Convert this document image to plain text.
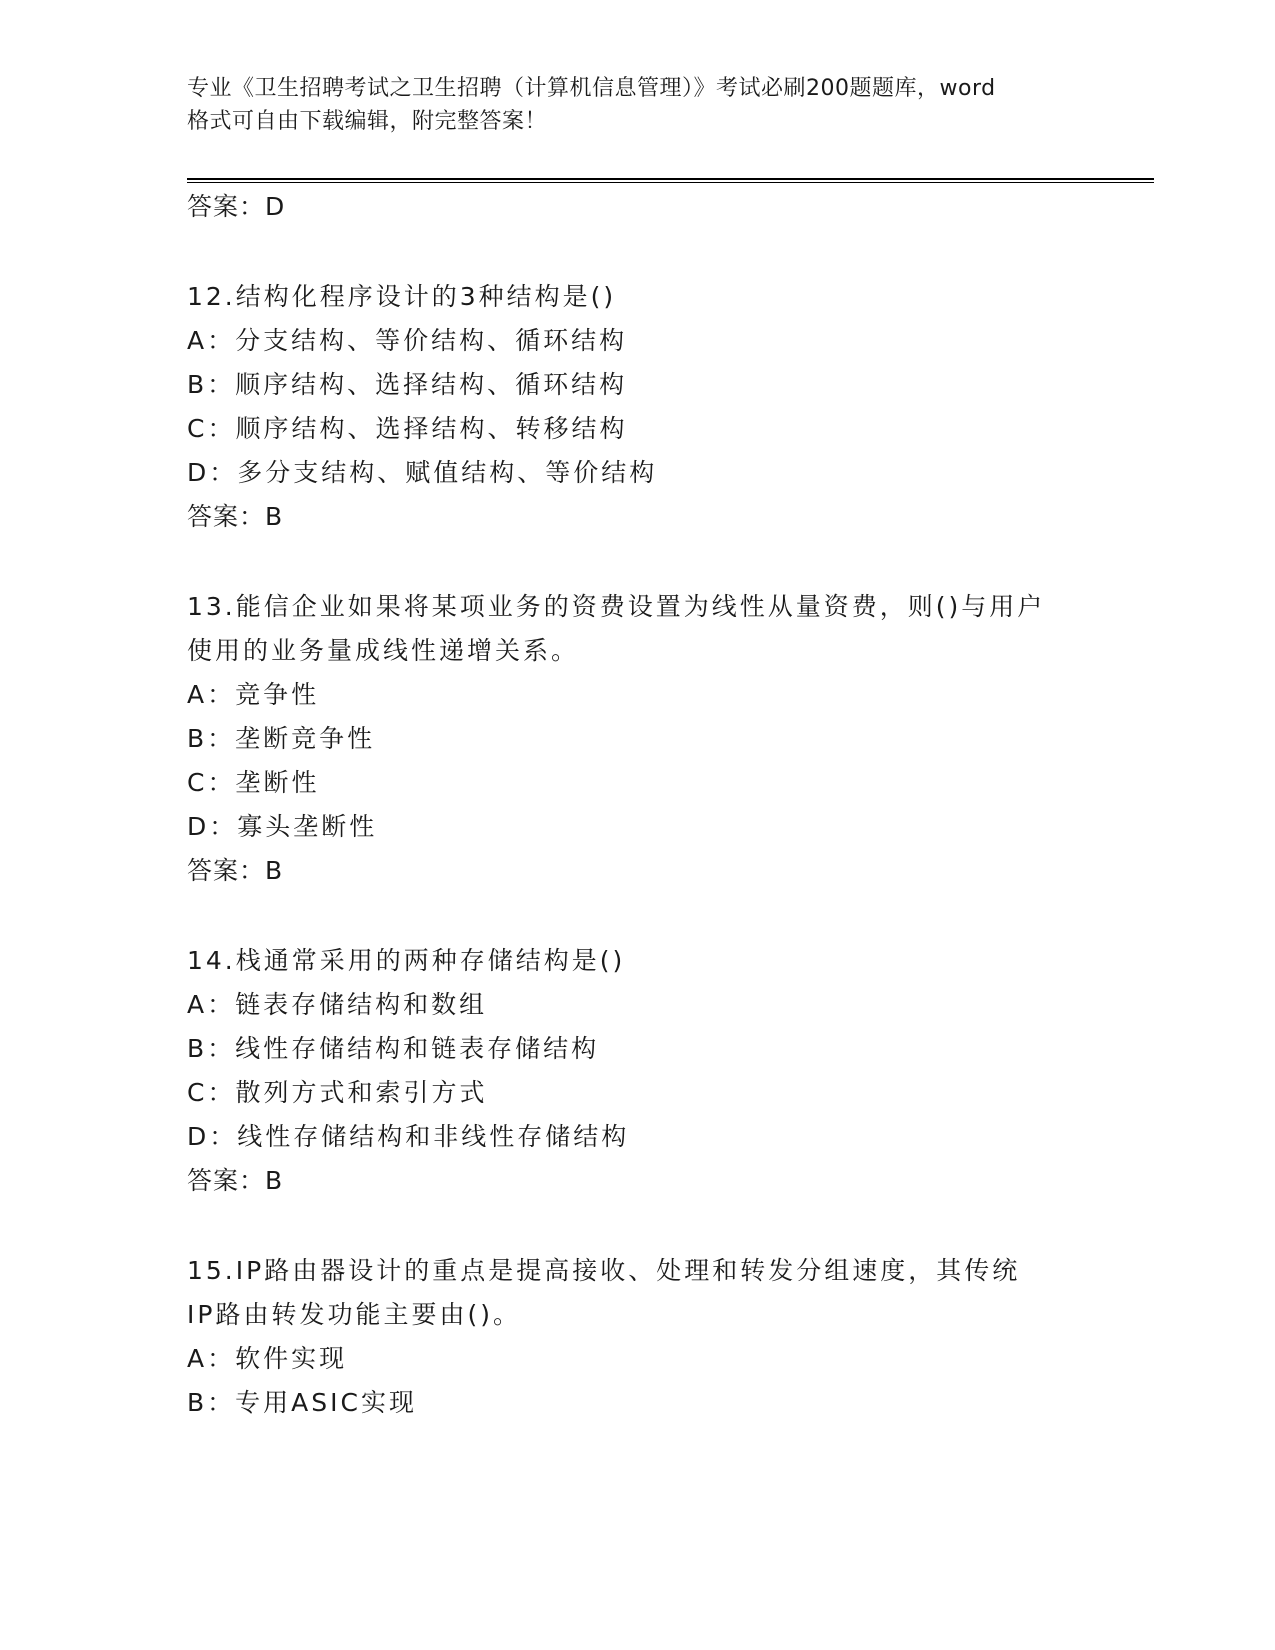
专业《卫生招聘考试之卫生招聘（计算机信息管理）》考试必刷200题题库，word
格式可自由下载编辑，附完整答案！
答案：D
12.结构化程序设计的3种结构是()
A：分支结构、等价结构、循环结构
B：顺序结构、选择结构、循环结构
C：顺序结构、选择结构、转移结构
D：多分支结构、赋值结构、等价结构
答案：B
13.能信企业如果将某项业务的资费设置为线性从量资费，则()与用户
使用的业务量成线性递增关系。
A：竞争性
B：垄断竞争性
C：垄断性
D：寡头垄断性
答案：B
14.栈通常采用的两种存储结构是()
A：链表存储结构和数组
B：线性存储结构和链表存储结构
C：散列方式和索引方式
D：线性存储结构和非线性存储结构
答案：B
15.IP路由器设计的重点是提高接收、处理和转发分组速度，其传统
IP路由转发功能主要由()。
A：软件实现
B：专用ASIC实现
